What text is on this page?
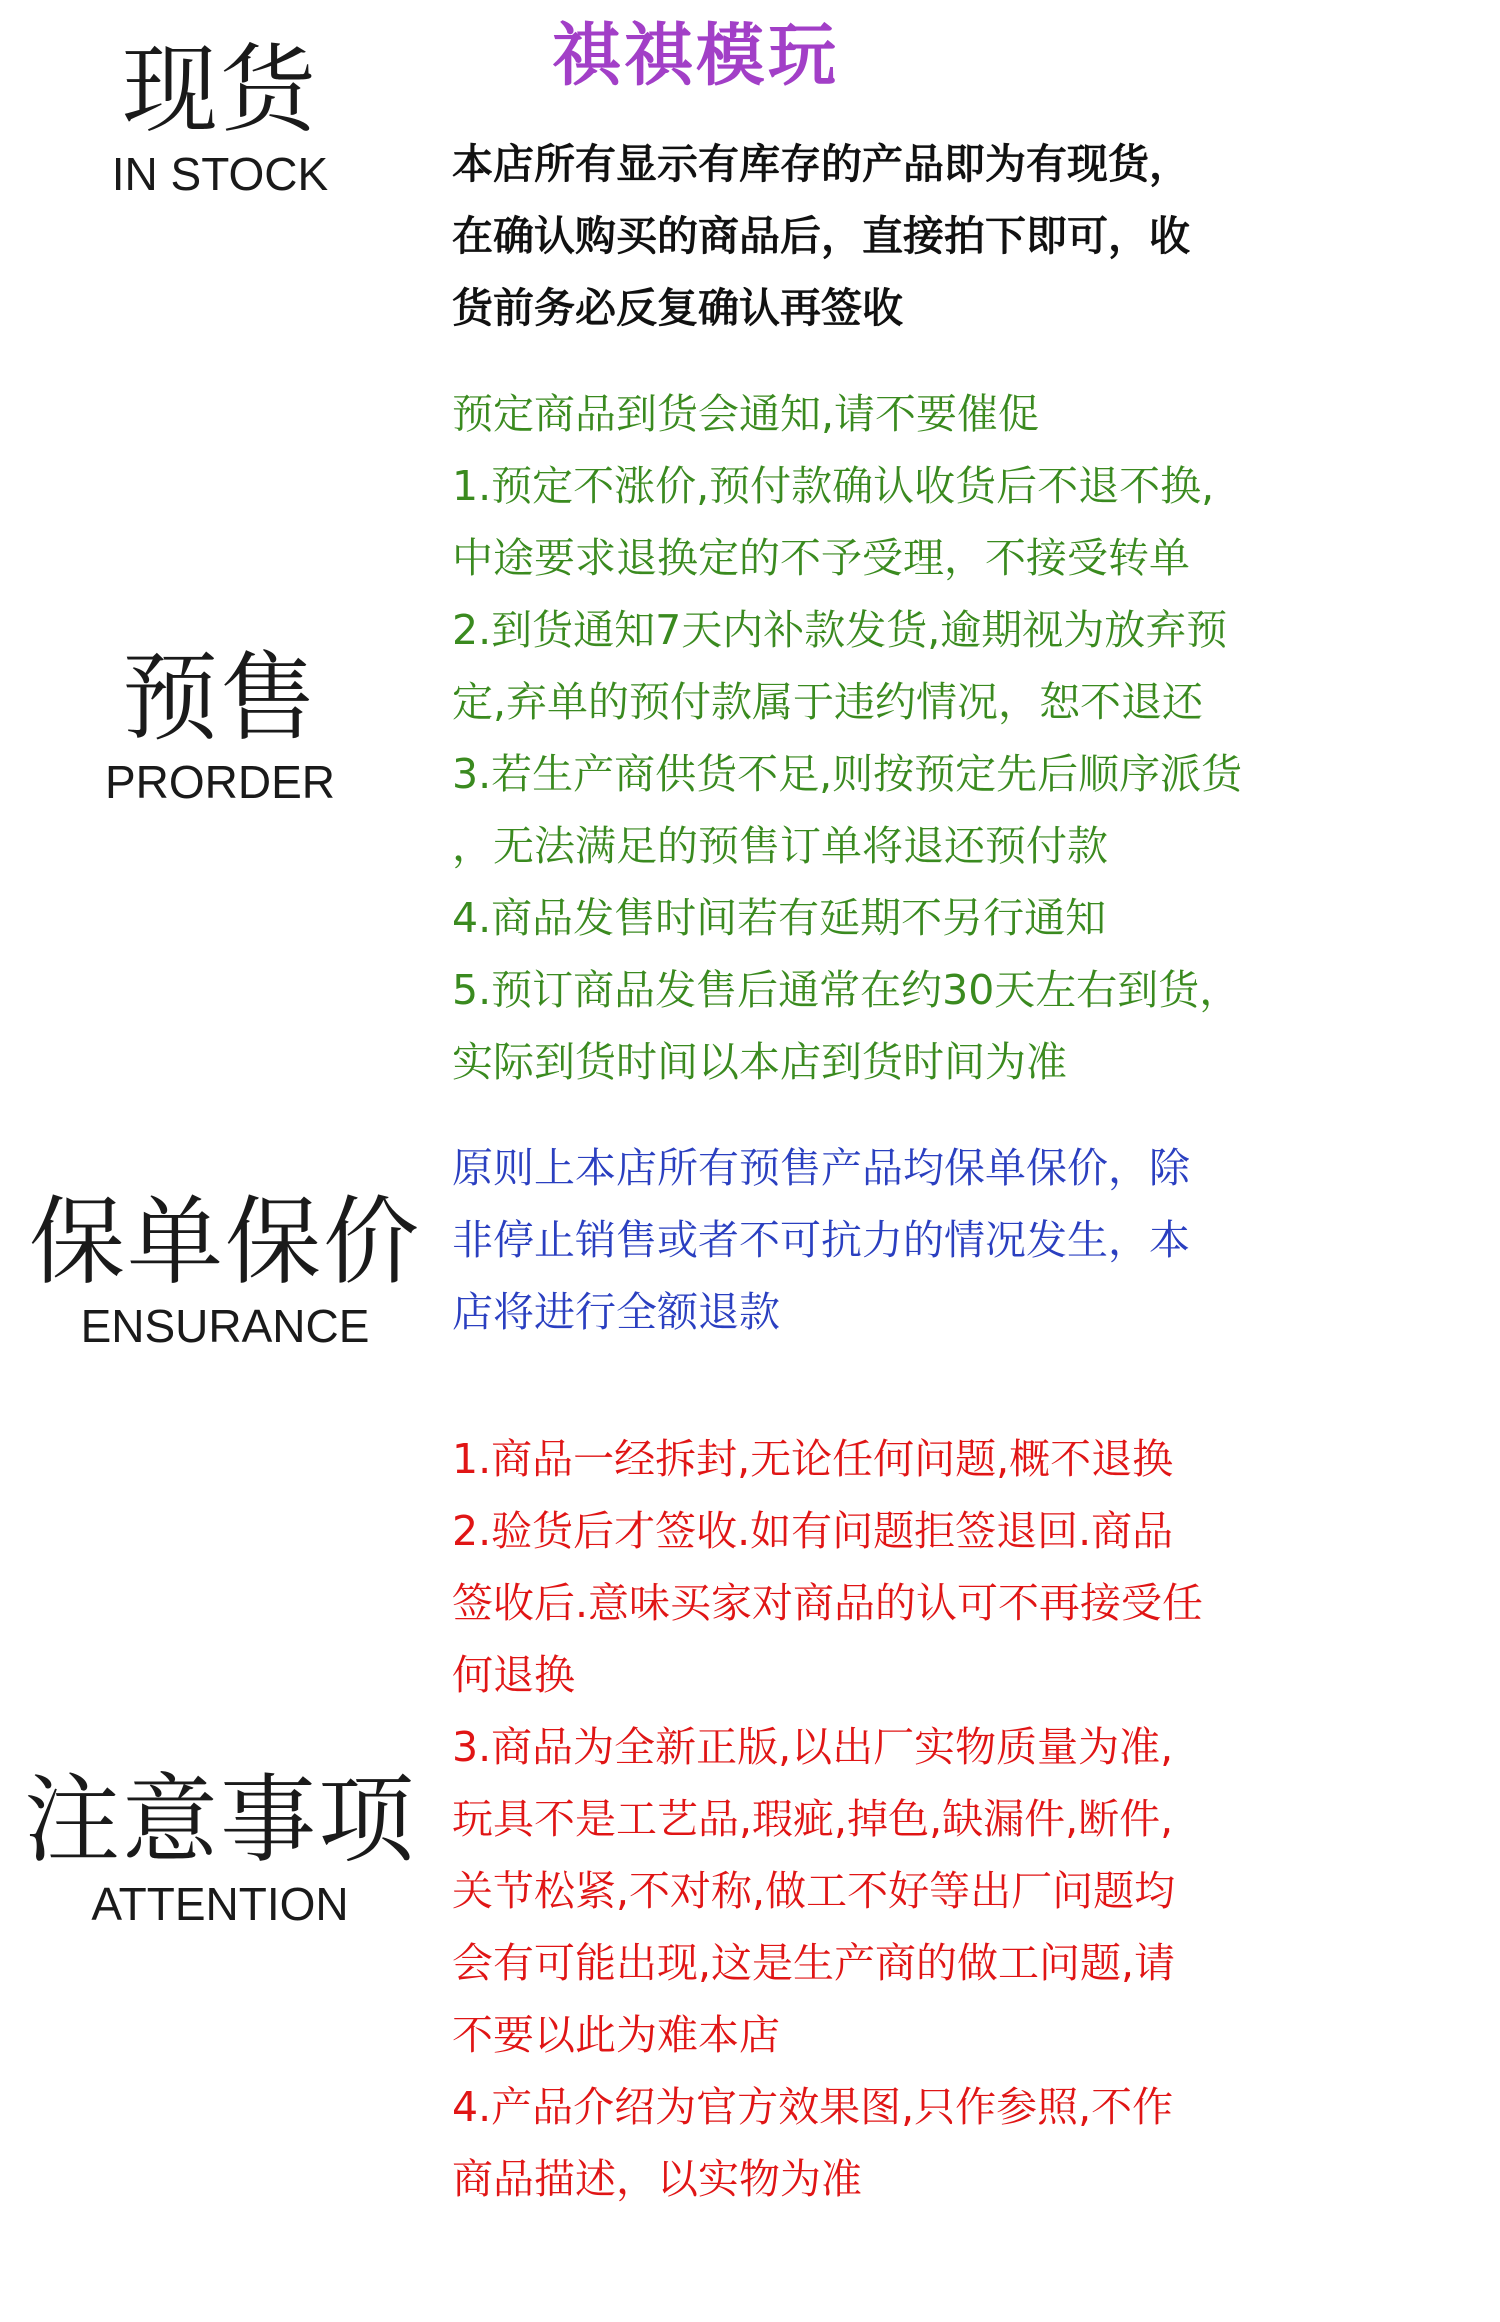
祺祺模玩
现货
IN STOCK	本店所有显示有库存的产品即为有现货，
在确认购买的商品后，直接拍下即可，收
货前务必反复确认再签收
预售
PRORDER
预定商品到货会通知,请不要催促
1.预定不涨价,预付款确认收货后不退不换,
中途要求退换定的不予受理，不接受转单
2.到货通知7天内补款发货,逾期视为放弃预
定,弃单的预付款属于违约情况，恕不退还
3.若生产商供货不足,则按预定先后顺序派货
，无法满足的预售订单将退还预付款
4.商品发售时间若有延期不另行通知
5.预订商品发售后通常在约30天左右到货，
实际到货时间以本店到货时间为准
保单保价
ENSURANCE
原则上本店所有预售产品均保单保价，除
非停止销售或者不可抗力的情况发生，本
店将进行全额退款
注意事项
ATTENTION
1.商品一经拆封,无论任何问题,概不退换
2.验货后才签收.如有问题拒签退回.商品
签收后.意味买家对商品的认可不再接受任
何退换
3.商品为全新正版,以出厂实物质量为准,
玩具不是工艺品,瑕疵,掉色,缺漏件,断件,
关节松紧,不对称,做工不好等出厂问题均
会有可能出现,这是生产商的做工问题,请
不要以此为难本店
4.产品介绍为官方效果图,只作参照,不作
商品描述，以实物为准
